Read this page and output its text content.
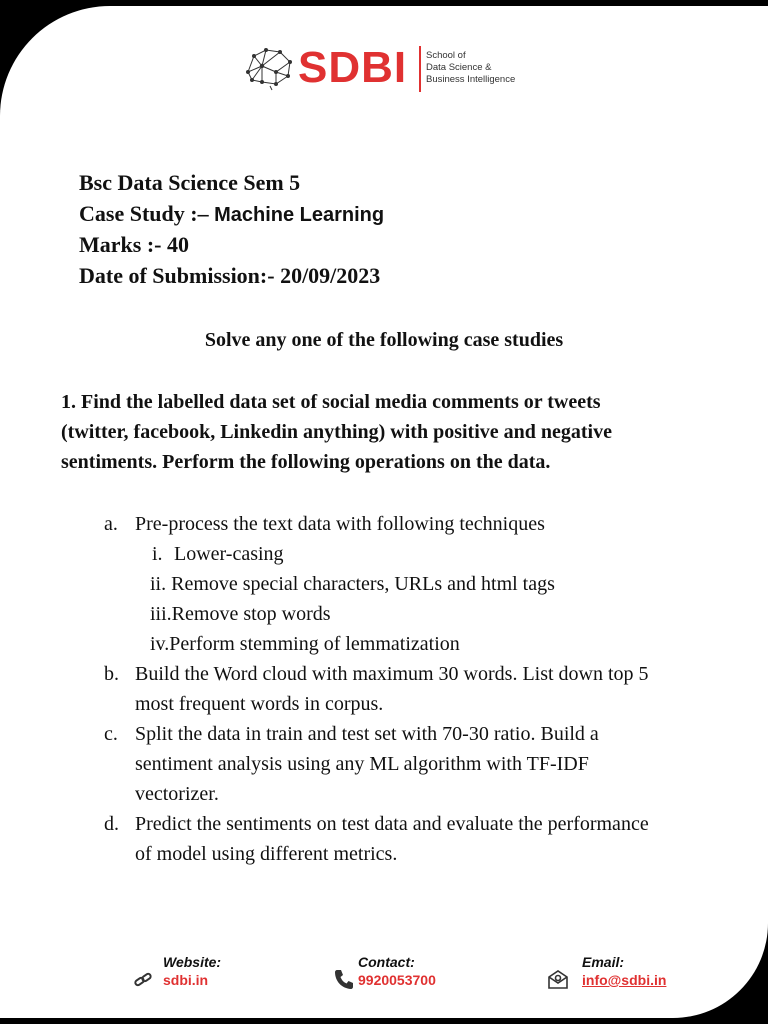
SDBI School of
Data Science &
Business Intelligence
Bsc Data Science Sem 5
Case Study :– Machine Learning
Marks :- 40
Date of Submission:- 20/09/2023
Solve any one of the following case studies
1. Find the labelled data set of social media comments or tweets (twitter, facebook, Linkedin anything) with positive and negative sentiments. Perform the following operations on the data.
a. Pre-process the text data with following techniques
i. Lower-casing
ii. Remove special characters, URLs and html tags
iii.Remove stop words
iv.Perform stemming of lemmatization
b. Build the Word cloud with maximum 30 words. List down top 5 most frequent words in corpus.
c. Split the data in train and test set with 70-30 ratio. Build a sentiment analysis using any ML algorithm with TF-IDF vectorizer.
d. Predict the sentiments on test data and evaluate the performance of model using different metrics.
Website:
sdbi.in
Contact:
9920053700
Email:
info@sdbi.in
